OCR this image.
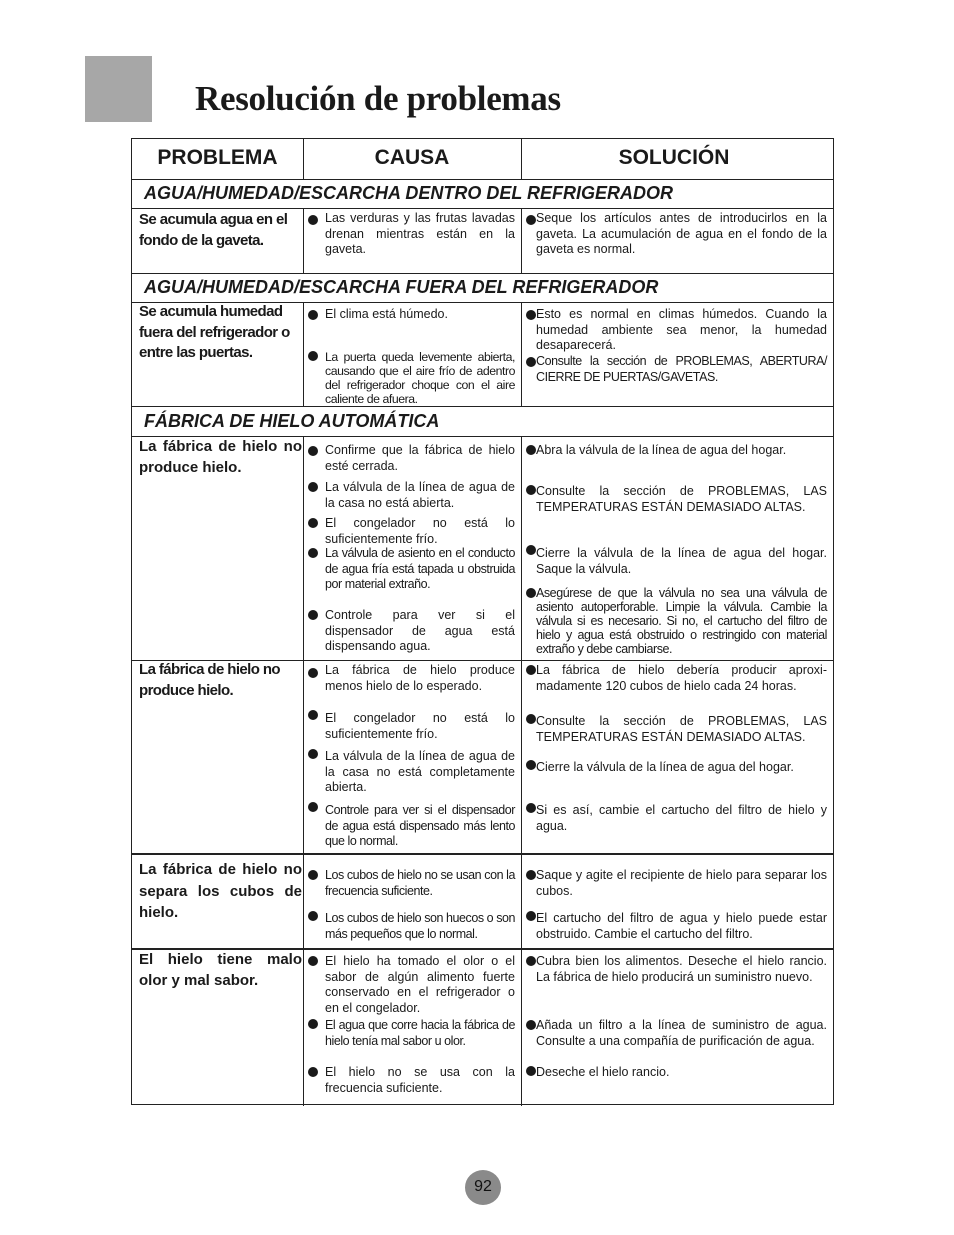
Resolución de problemas
PROBLEMA	CAUSA	SOLUCIÓN
AGUA/HUMEDAD/ESCARCHA DENTRO DEL REFRIGERADOR
Se acumula agua en el fondo de la gaveta.
Las verduras y las frutas lavadas drenan mientras están en la gaveta.
Seque los artículos antes de introducirlos en la gaveta. La acumulación de agua en el fondo de la gaveta es normal.
AGUA/HUMEDAD/ESCARCHA FUERA DEL REFRIGERADOR
Se acumula humedad fuera del refrigerador o entre las puertas.
El clima está húmedo.
La puerta queda levemente abierta, causando que el aire frío de adentro del refrigerador choque con el aire caliente de afuera.
Esto es normal en climas húmedos. Cuando la humedad ambiente sea menor, la humedad desaparecerá.
Consulte la sección de PROBLEMAS, ABERTURA/ CIERRE DE PUERTAS/GAVETAS.
FÁBRICA DE HIELO AUTOMÁTICA
La fábrica de hielo no produce hielo.
Confirme que la fábrica de hielo esté cerrada.
La válvula de la línea de agua de la casa no está abierta.
El congelador no está lo suficientemente frío.
La válvula de asiento en el conducto de agua fría está tapada u obstruida por material extraño.
Controle para ver si el dispensador de agua está dispensando agua.
Abra la válvula de la línea de agua del hogar.
Consulte la sección de PROBLEMAS, LAS TEMPERATURAS ESTÁN DEMASIADO ALTAS.
Cierre la válvula de la línea de agua del hogar. Saque la válvula.
Asegúrese de que la válvula no sea una válvula de asiento autoperforable. Limpie la válvula. Cambie la válvula si es necesario. Si no, el cartucho del filtro de hielo y agua está obstruido o restringido con material extraño y debe cambiarse.
La fábrica de hielo no produce hielo.
La fábrica de hielo produce menos hielo de lo esperado.
El congelador no está lo suficientemente frío.
La válvula de la línea de agua de la casa no está completamente abierta.
Controle para ver si el dispensador de agua está dispensado más lento que lo normal.
La fábrica de hielo debería producir aproxi-madamente 120 cubos de hielo cada 24 horas.
Consulte la sección de PROBLEMAS, LAS TEMPERATURAS ESTÁN DEMASIADO ALTAS.
Cierre la válvula de la línea de agua del hogar.
Si es así, cambie el cartucho del filtro de hielo y agua.
La fábrica de hielo no separa los cubos de hielo.
Los cubos de hielo no se usan con la frecuencia suficiente.
Los cubos de hielo son huecos o son más pequeños que lo normal.
Saque y agite el recipiente de hielo para separar los cubos.
El cartucho del filtro de agua y hielo puede estar obstruido. Cambie el cartucho del filtro.
El hielo tiene malo olor y mal sabor.
El hielo ha tomado el olor o el sabor de algún alimento fuerte conservado en el refrigerador o en el congelador.
El agua que corre hacia la fábrica de hielo tenía mal sabor u olor.
El hielo no se usa con la frecuencia suficiente.
Cubra bien los alimentos. Deseche el hielo rancio. La fábrica de hielo producirá un suministro nuevo.
Añada un filtro a la línea de suministro de agua. Consulte a una compañía de purificación de agua.
Deseche el hielo rancio.
92
